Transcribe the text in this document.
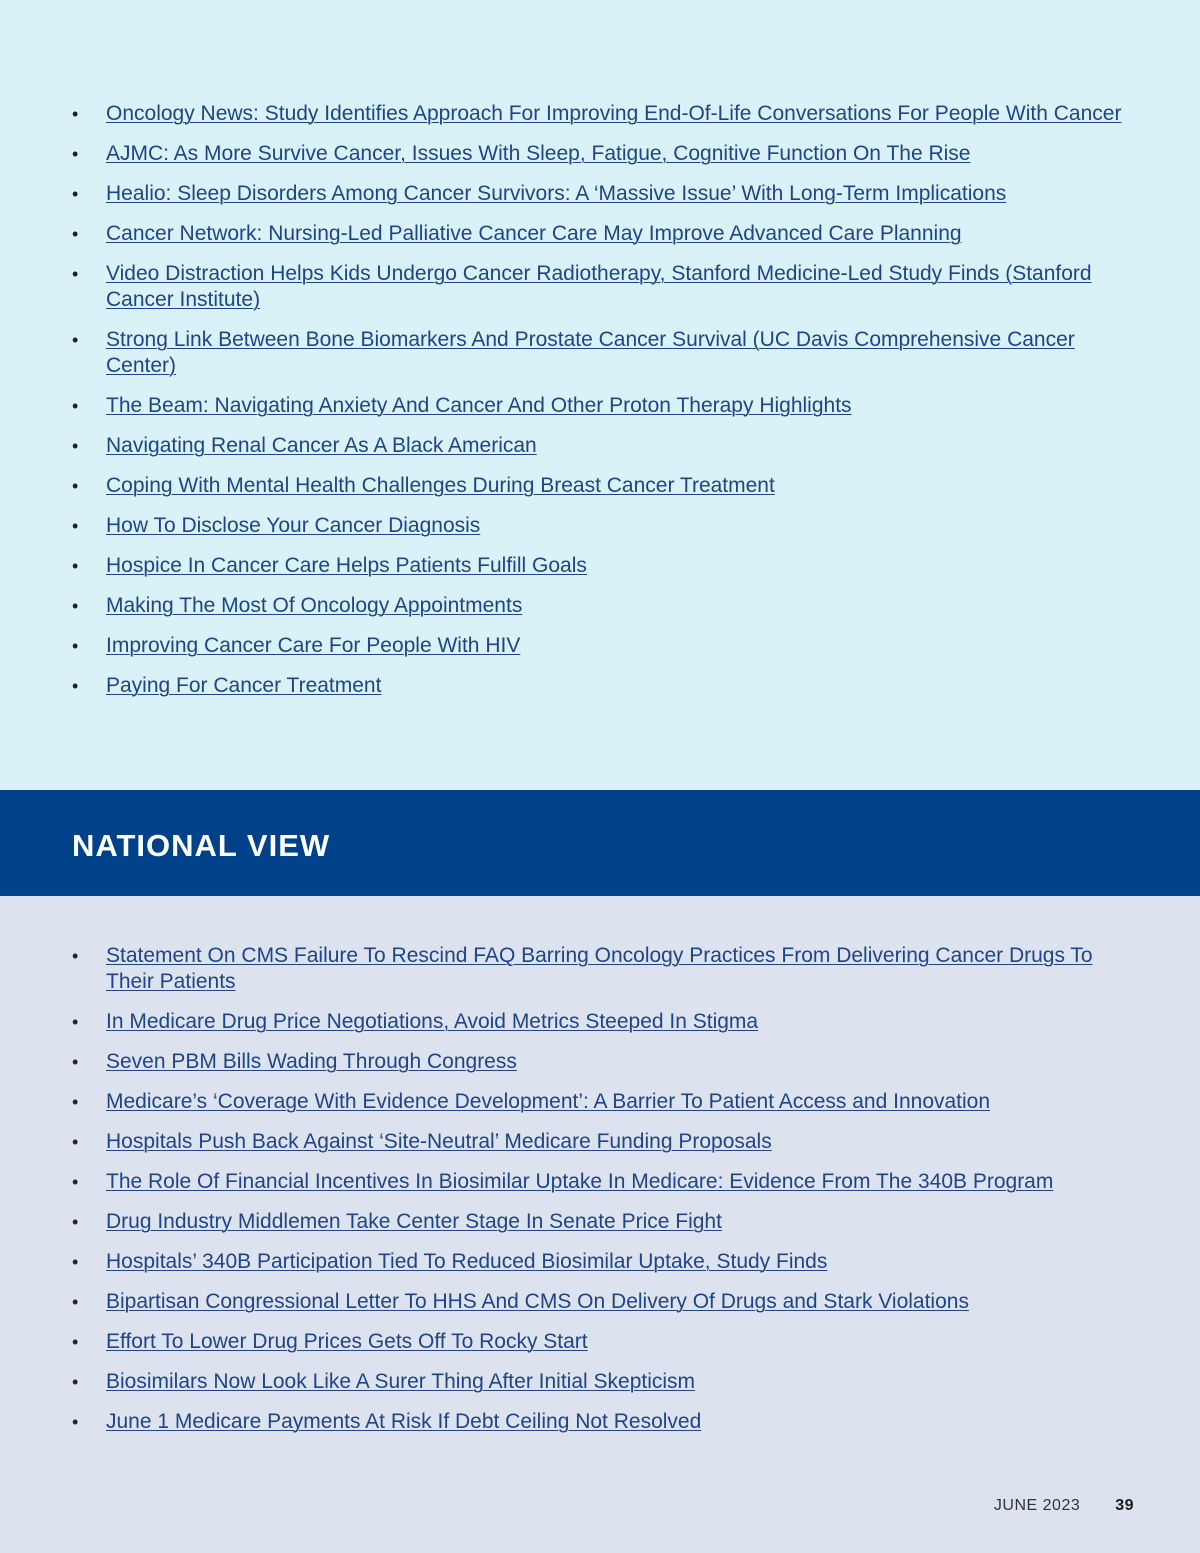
• Oncology News: Study Identifies Approach For Improving End-Of-Life Conversations For People With Cancer
• AJMC: As More Survive Cancer, Issues With Sleep, Fatigue, Cognitive Function On The Rise
• Healio: Sleep Disorders Among Cancer Survivors: A ‘Massive Issue’ With Long-Term Implications
• Cancer Network: Nursing-Led Palliative Cancer Care May Improve Advanced Care Planning
• Video Distraction Helps Kids Undergo Cancer Radiotherapy, Stanford Medicine-Led Study Finds (Stanford Cancer Institute)
• Strong Link Between Bone Biomarkers And Prostate Cancer Survival (UC Davis Comprehensive Cancer Center)
• The Beam: Navigating Anxiety And Cancer And Other Proton Therapy Highlights
• Navigating Renal Cancer As A Black American
• Coping With Mental Health Challenges During Breast Cancer Treatment
• How To Disclose Your Cancer Diagnosis
• Hospice In Cancer Care Helps Patients Fulfill Goals
• Making The Most Of Oncology Appointments
• Improving Cancer Care For People With HIV
• Paying For Cancer Treatment
NATIONAL VIEW
• Statement On CMS Failure To Rescind FAQ Barring Oncology Practices From Delivering Cancer Drugs To Their Patients
• In Medicare Drug Price Negotiations, Avoid Metrics Steeped In Stigma
• Seven PBM Bills Wading Through Congress
• Medicare’s ‘Coverage With Evidence Development’: A Barrier To Patient Access and Innovation
• Hospitals Push Back Against ‘Site-Neutral’ Medicare Funding Proposals
• The Role Of Financial Incentives In Biosimilar Uptake In Medicare: Evidence From The 340B Program
• Drug Industry Middlemen Take Center Stage In Senate Price Fight
• Hospitals’ 340B Participation Tied To Reduced Biosimilar Uptake, Study Finds
• Bipartisan Congressional Letter To HHS And CMS On Delivery Of Drugs and Stark Violations
• Effort To Lower Drug Prices Gets Off To Rocky Start
• Biosimilars Now Look Like A Surer Thing After Initial Skepticism
• June 1 Medicare Payments At Risk If Debt Ceiling Not Resolved
JUNE 2023 39
